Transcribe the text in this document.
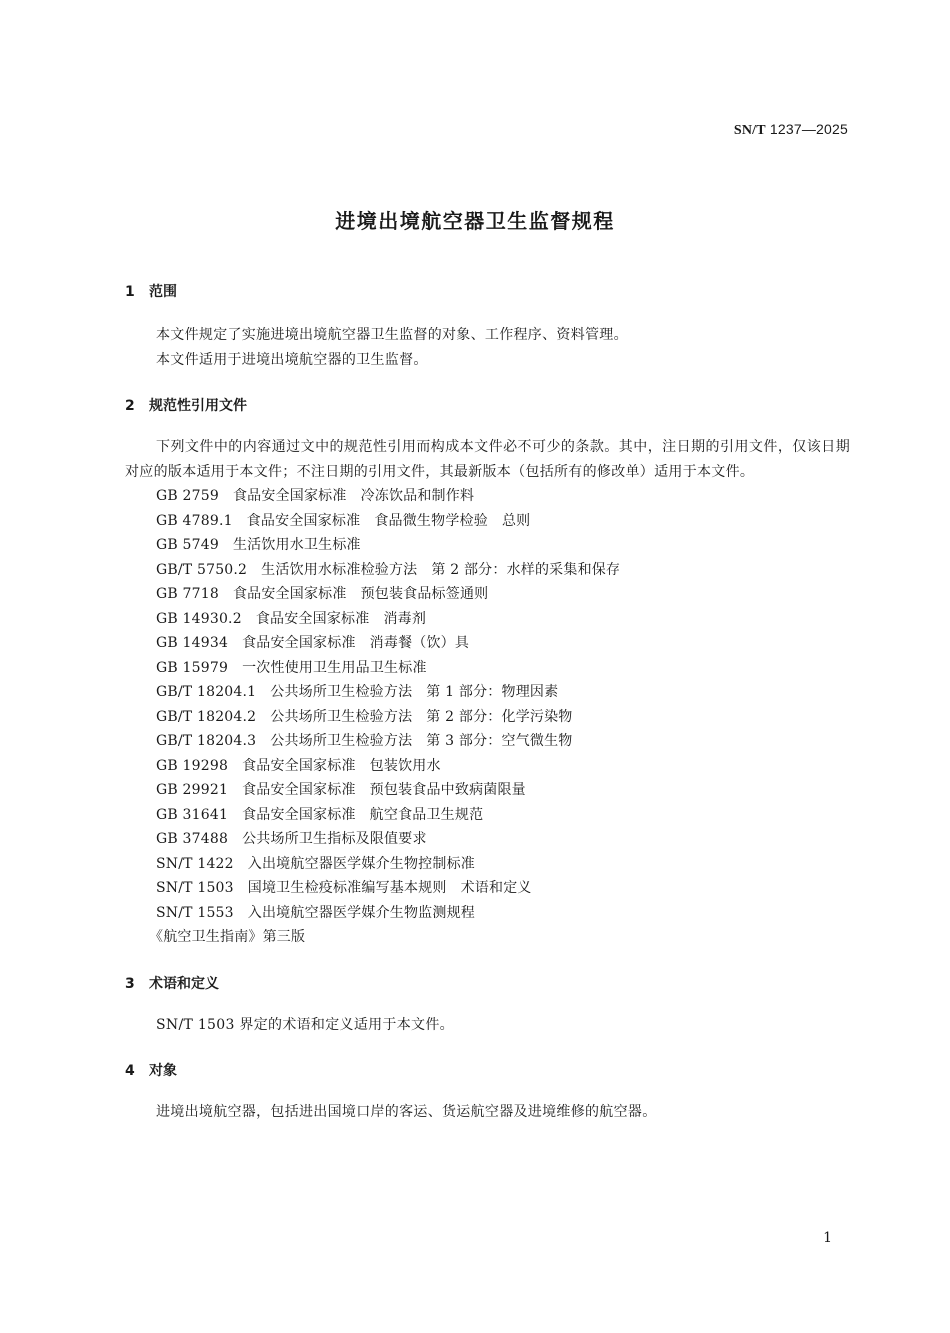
SN/T 1237—2025
进境出境航空器卫生监督规程
1 范围

本文件规定了实施进境出境航空器卫生监督的对象、工作程序、资料管理。

本文件适用于进境出境航空器的卫生监督。

2 规范性引用文件

下列文件中的内容通过文中的规范性引用而构成本文件必不可少的条款。其中，注日期的引用文件，仅该日期对应的版本适用于本文件；不注日期的引用文件，其最新版本（包括所有的修改单）适用于本文件。

GB 2759 食品安全国家标准 冷冻饮品和制作料
GB 4789.1 食品安全国家标准 食品微生物学检验 总则
GB 5749 生活饮用水卫生标准
GB/T 5750.2 生活饮用水标准检验方法 第 2 部分：水样的采集和保存
GB 7718 食品安全国家标准 预包装食品标签通则
GB 14930.2 食品安全国家标准 消毒剂
GB 14934 食品安全国家标准 消毒餐（饮）具
GB 15979 一次性使用卫生用品卫生标准
GB/T 18204.1 公共场所卫生检验方法 第 1 部分：物理因素
GB/T 18204.2 公共场所卫生检验方法 第 2 部分：化学污染物
GB/T 18204.3 公共场所卫生检验方法 第 3 部分：空气微生物
GB 19298 食品安全国家标准 包装饮用水
GB 29921 食品安全国家标准 预包装食品中致病菌限量
GB 31641 食品安全国家标准 航空食品卫生规范
GB 37488 公共场所卫生指标及限值要求
SN/T 1422 入出境航空器医学媒介生物控制标准
SN/T 1503 国境卫生检疫标准编写基本规则 术语和定义
SN/T 1553 入出境航空器医学媒介生物监测规程
《航空卫生指南》第三版
3 术语和定义

SN/T 1503 界定的术语和定义适用于本文件。

4 对象

进境出境航空器，包括进出国境口岸的客运、货运航空器及进境维修的航空器。

1
